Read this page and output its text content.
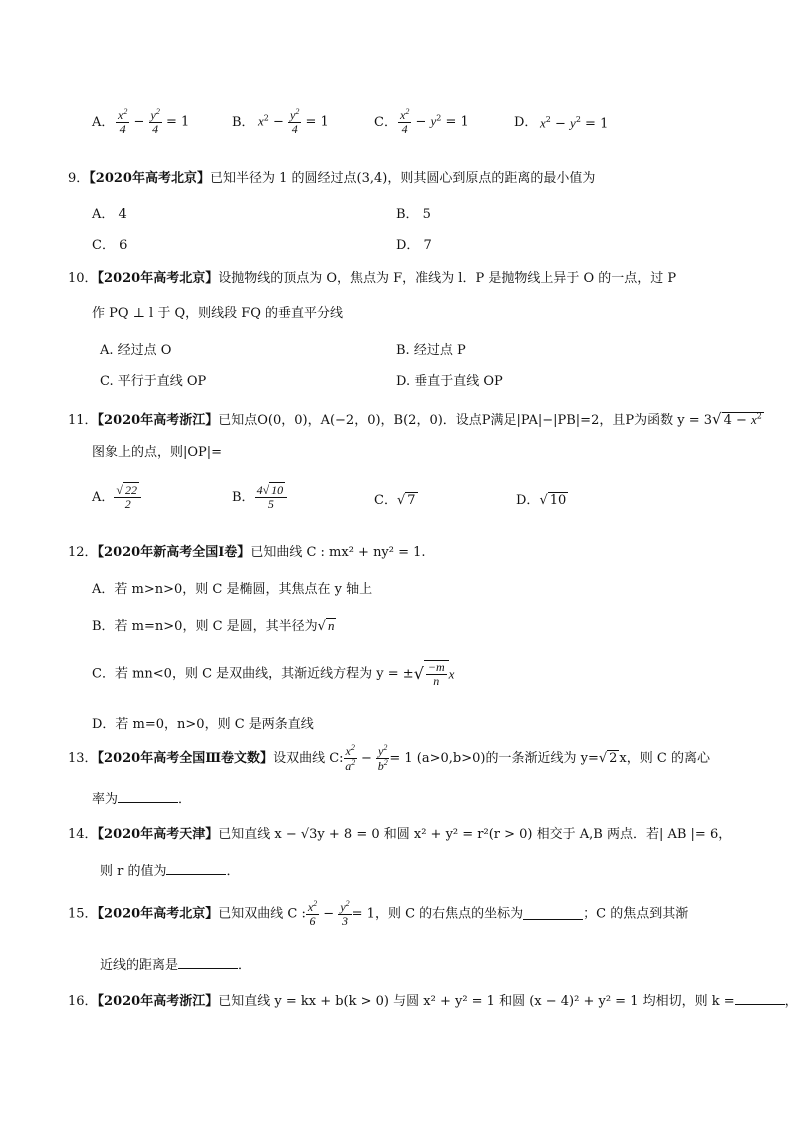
A． $\frac{x^2}{4} - \frac{y^2}{4} = 1$	B． $x^2 - \frac{y^2}{4} = 1$	C． $\frac{x^2}{4} - y^2 = 1$	D． $x^2 - y^2 = 1$
9．【2020年高考北京】已知半径为 1 的圆经过点(3,4)，则其圆心到原点的距离的最小值为
A． 4	B． 5
C． 6	D． 7
10．【2020年高考北京】设抛物线的顶点为 O，焦点为 F，准线为 l．P 是抛物线上异于 O 的一点，过 P
作 PQ ⊥ l 于 Q，则线段 FQ 的垂直平分线
A. 经过点 O	B. 经过点 P
C. 平行于直线 OP	D. 垂直于直线 OP
11．【2020年高考浙江】已知点O(0，0)，A(−2，0)，B(2，0)．设点P满足|PA|−|PB|=2，且P为函数 y = 3√ $4 - x^2$
图象上的点，则|OP|=
A． $\frac{√ 22}{2}$	B． $\frac{4√ 10}{5}$	C．√ 7	D．√ 10
12．【2020年新高考全国Ⅰ卷】已知曲线 C : mx² + ny² = 1.
A．若 m>n>0，则 C 是椭圆，其焦点在 y 轴上
B．若 m=n>0，则 C 是圆，其半径为√ n
C．若 mn<0，则 C 是双曲线，其渐近线方程为 y = ±√ $\frac{-m}{n}$ x
D．若 m=0，n>0，则 C 是两条直线
13．【2020年高考全国Ⅲ卷文数】设双曲线 C: $\frac{x^2}{a^2} - \frac{y^2}{b^2} = 1$ (a>0,b>0)的一条渐近线为 y=√ 2 x，则 C 的离心
率为	．
14．【2020年高考天津】已知直线 x − √3y + 8 = 0 和圆 x² + y² = r²(r > 0) 相交于 A,B 两点．若| AB |= 6，
则 r 的值为	．
15．【2020年高考北京】已知双曲线 C : $\frac{x^2}{6} - \frac{y^2}{3} = 1$，则 C 的右焦点的坐标为	；C 的焦点到其渐
近线的距离是	．
16．【2020年高考浙江】已知直线 y = kx + b(k > 0) 与圆 x² + y² = 1 和圆 (x − 4)² + y² = 1 均相切，则 k =	，
